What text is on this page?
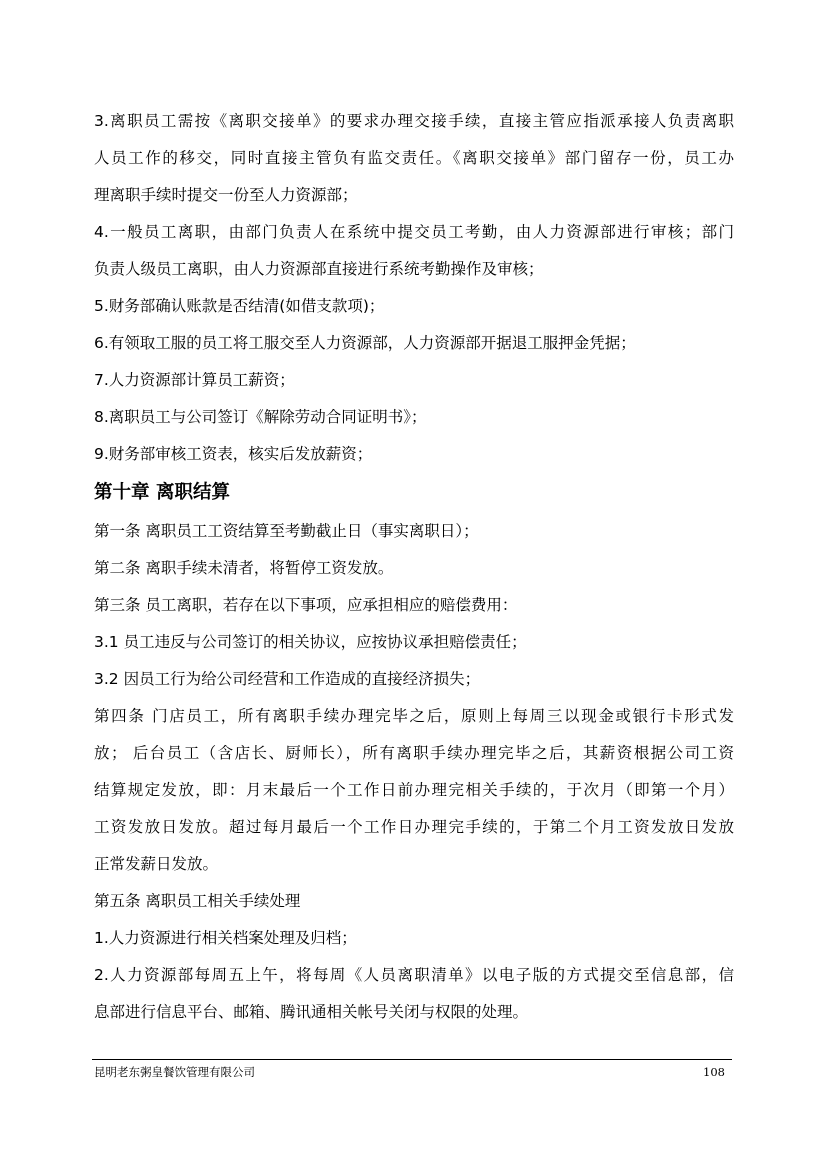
3.离职员工需按《离职交接单》的要求办理交接手续，直接主管应指派承接人负责离职
人员工作的移交，同时直接主管负有监交责任。《离职交接单》部门留存一份，员工办
理离职手续时提交一份至人力资源部；
4.一般员工离职，由部门负责人在系统中提交员工考勤，由人力资源部进行审核；部门
负责人级员工离职，由人力资源部直接进行系统考勤操作及审核；
5.财务部确认账款是否结清(如借支款项)；
6.有领取工服的员工将工服交至人力资源部，人力资源部开据退工服押金凭据；
7.人力资源部计算员工薪资；
8.离职员工与公司签订《解除劳动合同证明书》；
9.财务部审核工资表，核实后发放薪资；
第十章 离职结算
第一条 离职员工工资结算至考勤截止日（事实离职日）；
第二条 离职手续未清者，将暂停工资发放。
第三条 员工离职，若存在以下事项，应承担相应的赔偿费用：
3.1 员工违反与公司签订的相关协议，应按协议承担赔偿责任；
3.2 因员工行为给公司经营和工作造成的直接经济损失；
第四条 门店员工，所有离职手续办理完毕之后，原则上每周三以现金或银行卡形式发
放； 后台员工（含店长、厨师长），所有离职手续办理完毕之后，其薪资根据公司工资
结算规定发放，即：月末最后一个工作日前办理完相关手续的，于次月（即第一个月）
工资发放日发放。超过每月最后一个工作日办理完手续的，于第二个月工资发放日发放
正常发薪日发放。
第五条 离职员工相关手续处理
1.人力资源进行相关档案处理及归档；
2.人力资源部每周五上午，将每周《人员离职清单》以电子版的方式提交至信息部，信
息部进行信息平台、邮箱、腾讯通相关帐号关闭与权限的处理。
昆明老东粥皇餐饮管理有限公司	108
